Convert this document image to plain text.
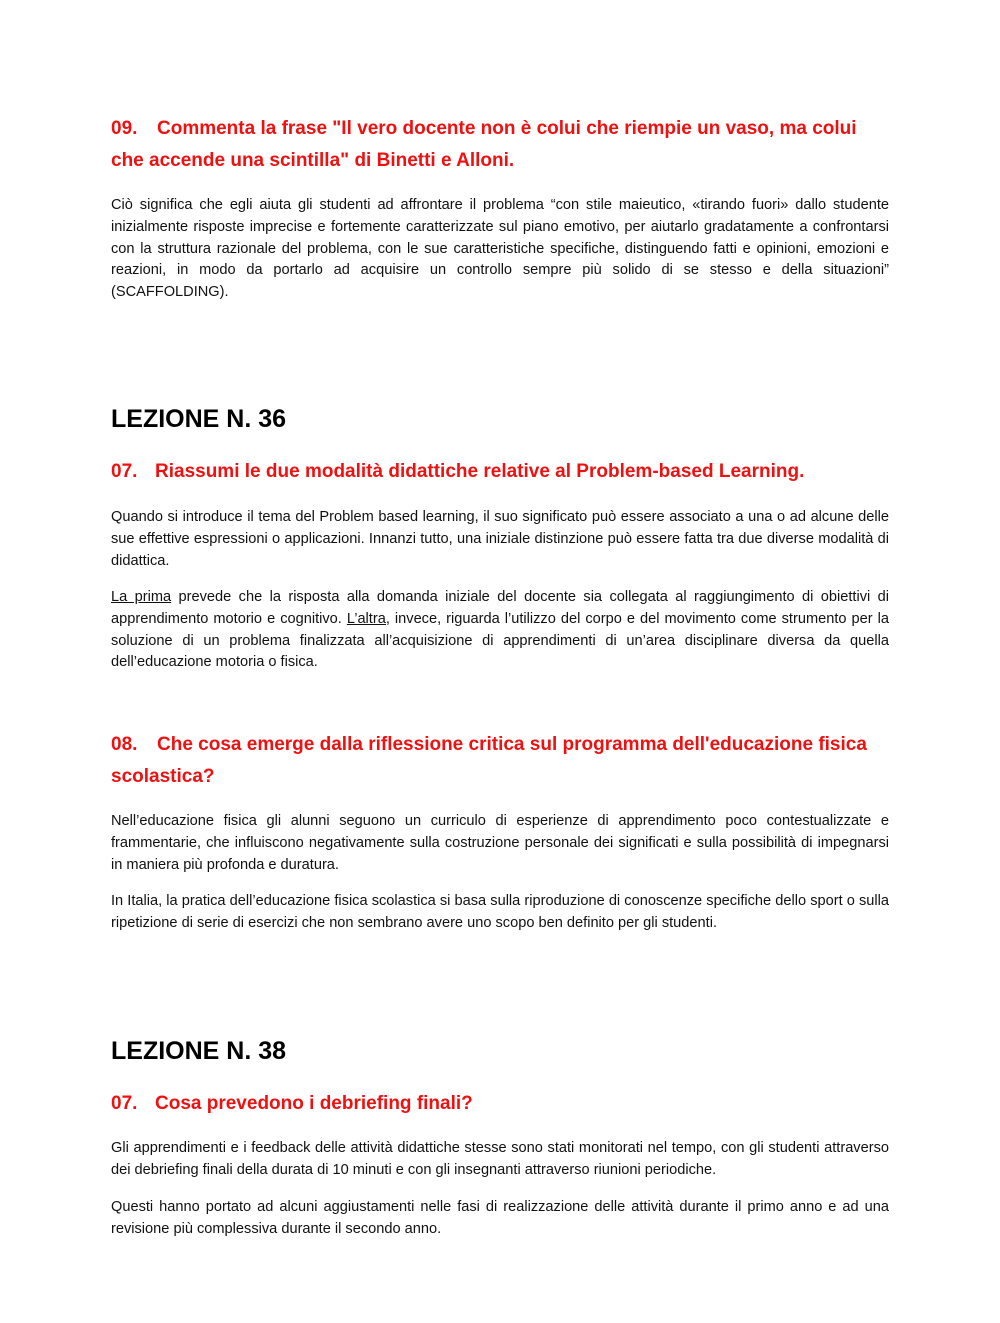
09. Commenta la frase "Il vero docente non è colui che riempie un vaso, ma colui che accende una scintilla" di Binetti e Alloni.

Ciò significa che egli aiuta gli studenti ad affrontare il problema “con stile maieutico, «tirando fuori» dallo studente inizialmente risposte imprecise e fortemente caratterizzate sul piano emotivo, per aiutarlo gradatamente a confrontarsi con la struttura razionale del problema, con le sue caratteristiche specifiche, distinguendo fatti e opinioni, emozioni e reazioni, in modo da portarlo ad acquisire un controllo sempre più solido di se stesso e della situazioni” (SCAFFOLDING).

LEZIONE N. 36
07. Riassumi le due modalità didattiche relative al Problem-based Learning.

Quando si introduce il tema del Problem based learning, il suo significato può essere associato a una o ad alcune delle sue effettive espressioni o applicazioni. Innanzi tutto, una iniziale distinzione può essere fatta tra due diverse modalità di didattica.

La prima prevede che la risposta alla domanda iniziale del docente sia collegata al raggiungimento di obiettivi di apprendimento motorio e cognitivo. L’altra, invece, riguarda l’utilizzo del corpo e del movimento come strumento per la soluzione di un problema finalizzata all’acquisizione di apprendimenti di un’area disciplinare diversa da quella dell’educazione motoria o fisica.

08. Che cosa emerge dalla riflessione critica sul programma dell'educazione fisica scolastica?

Nell’educazione fisica gli alunni seguono un curriculo di esperienze di apprendimento poco contestualizzate e frammentarie, che influiscono negativamente sulla costruzione personale dei significati e sulla possibilità di impegnarsi in maniera più profonda e duratura.

In Italia, la pratica dell’educazione fisica scolastica si basa sulla riproduzione di conoscenze specifiche dello sport o sulla ripetizione di serie di esercizi che non sembrano avere uno scopo ben definito per gli studenti.

LEZIONE N. 38
07. Cosa prevedono i debriefing finali?

Gli apprendimenti e i feedback delle attività didattiche stesse sono stati monitorati nel tempo, con gli studenti attraverso dei debriefing finali della durata di 10 minuti e con gli insegnanti attraverso riunioni periodiche.

Questi hanno portato ad alcuni aggiustamenti nelle fasi di realizzazione delle attività durante il primo anno e ad una revisione più complessiva durante il secondo anno.
